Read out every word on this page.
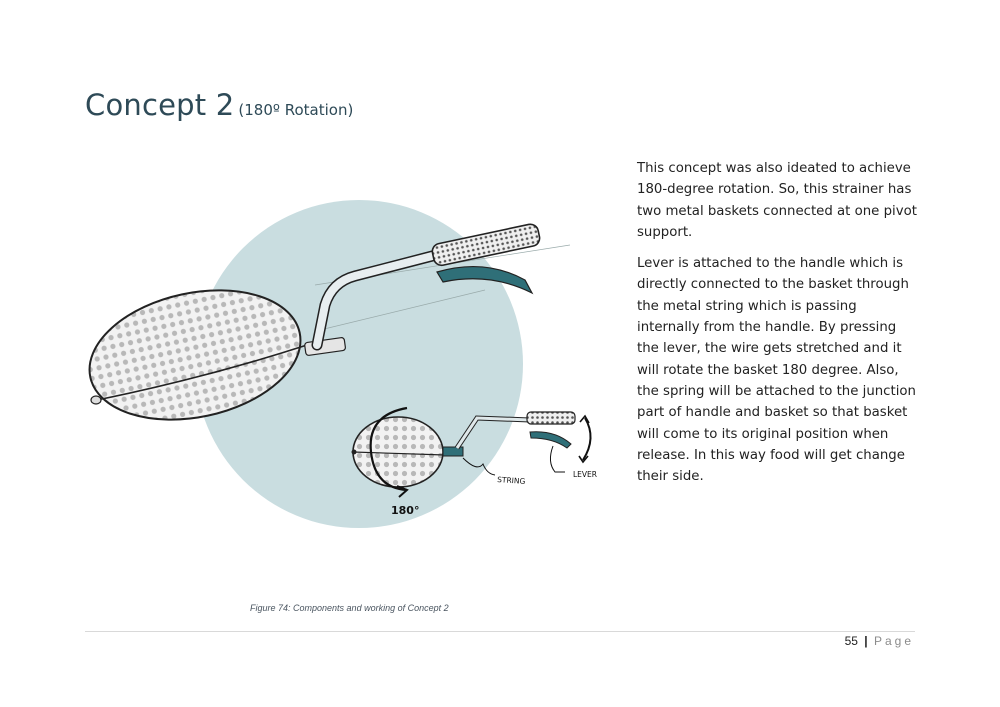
Concept 2 (180º Rotation)
STRING
LEVER
180°

This concept was also ideated to achieve 180-degree rotation. So, this strainer has two metal baskets connected at one pivot support.

Lever is attached to the handle which is directly connected to the basket through the metal string which is passing internally from the handle. By pressing the lever, the wire gets stretched and it will rotate the basket 180 degree. Also, the spring will be attached to the junction part of handle and basket so that basket will come to its original position when release. In this way food will get change their side.

Figure 74: Components and working of Concept 2
55 | Page
